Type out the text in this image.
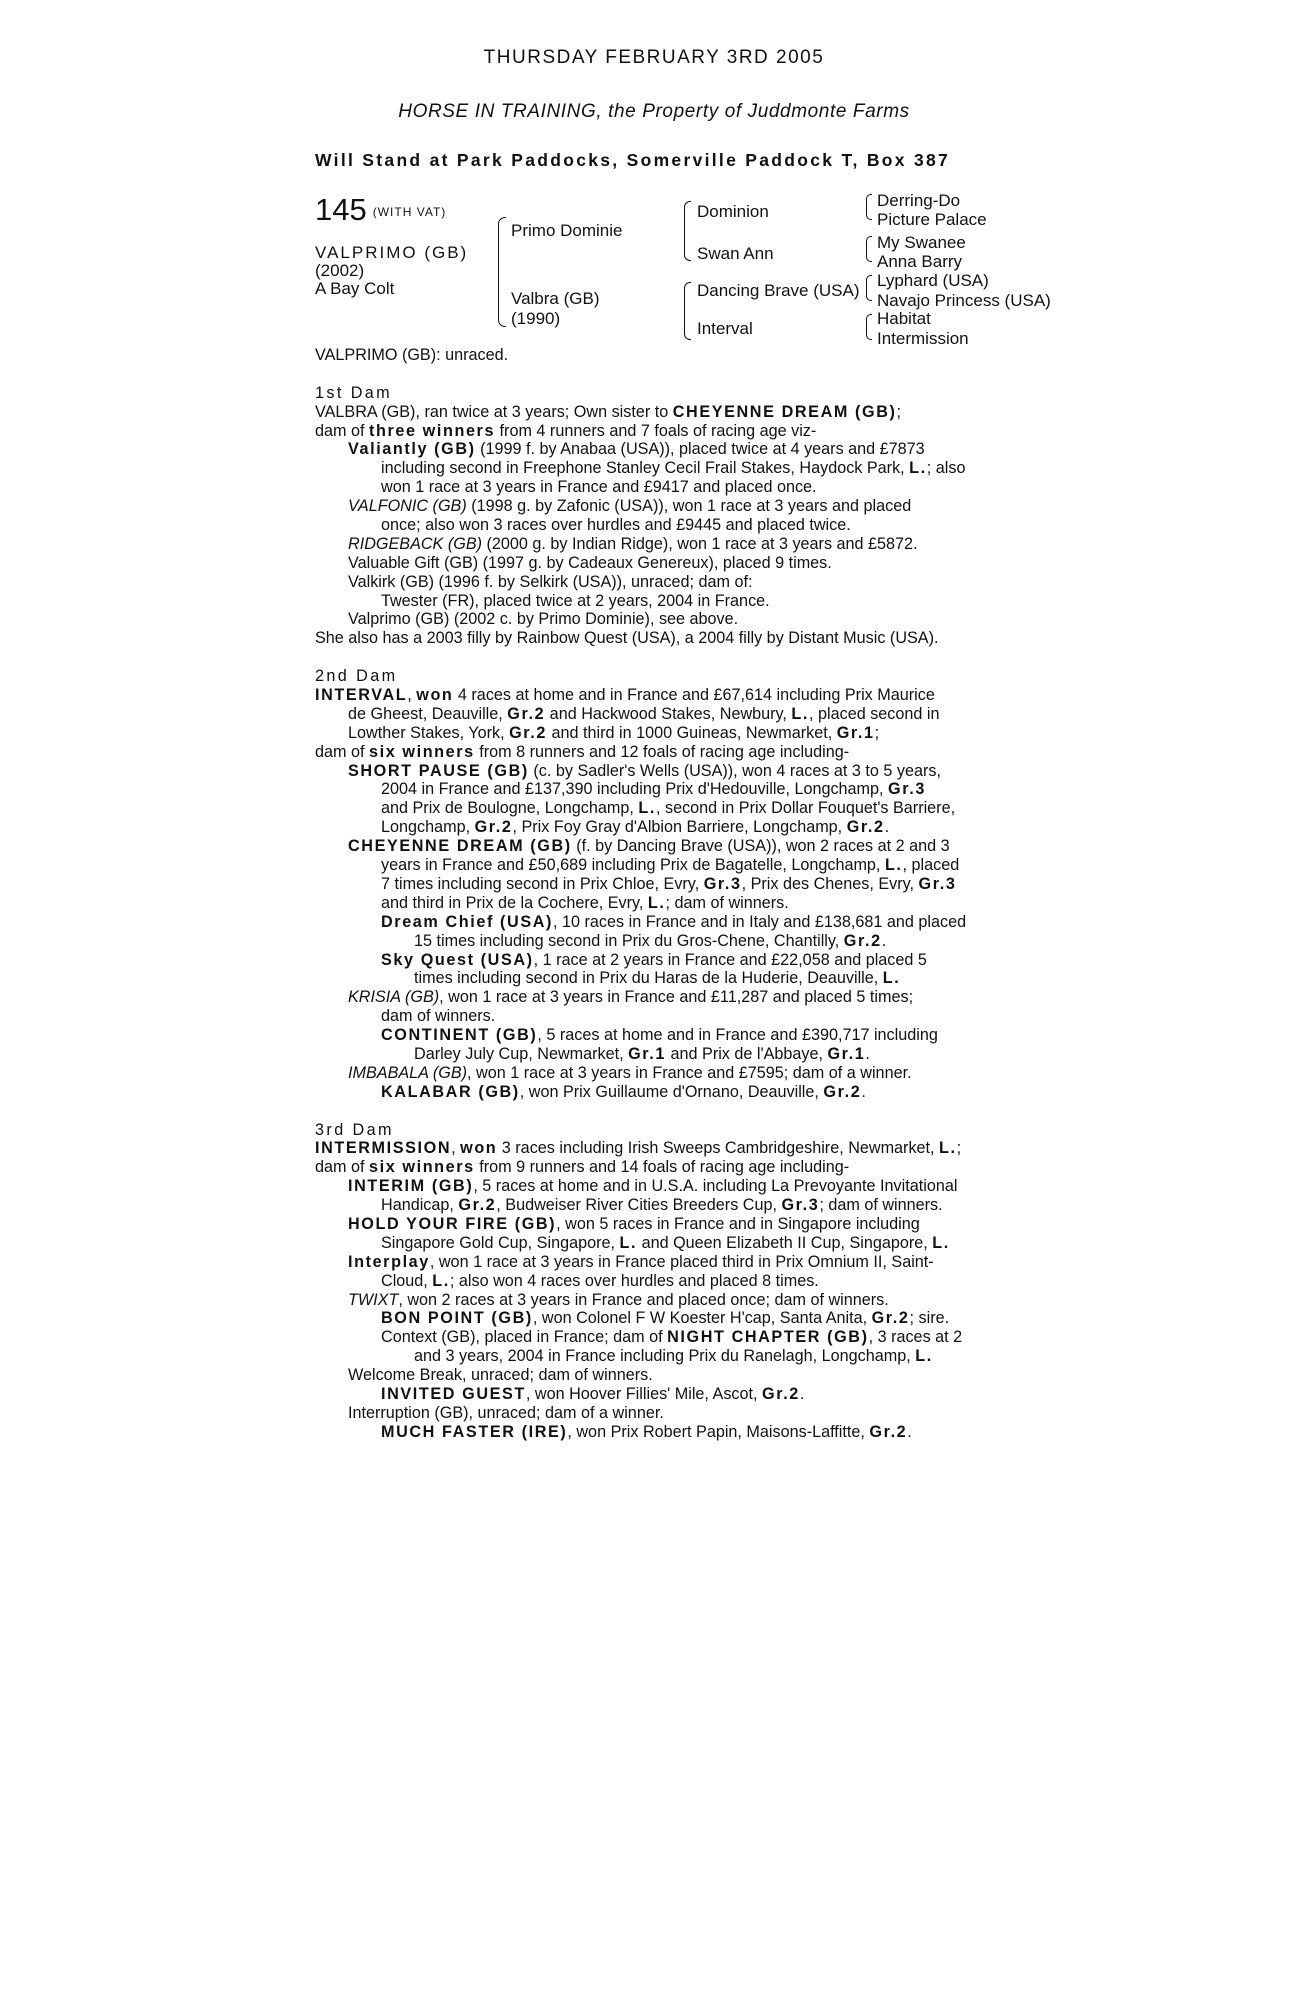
THURSDAY FEBRUARY 3RD 2005
HORSE IN TRAINING, the Property of Juddmonte Farms
Will Stand at Park Paddocks, Somerville Paddock T, Box 387
145 (WITH VAT)
VALPRIMO (GB)
(2002)
A Bay Colt
Primo Dominie
Valbra (GB)
(1990)
Dominion
Swan Ann
Dancing Brave (USA)
Interval
Derring-Do
Picture Palace
My Swanee
Anna Barry
Lyphard (USA)
Navajo Princess (USA)
Habitat
Intermission
VALPRIMO (GB): unraced.
1st Dam
VALBRA (GB), ran twice at 3 years; Own sister to CHEYENNE DREAM (GB);
dam of three winners from 4 runners and 7 foals of racing age viz-
Valiantly (GB) (1999 f. by Anabaa (USA)), placed twice at 4 years and £7873
including second in Freephone Stanley Cecil Frail Stakes, Haydock Park, L.; also
won 1 race at 3 years in France and £9417 and placed once.
VALFONIC (GB) (1998 g. by Zafonic (USA)), won 1 race at 3 years and placed
once; also won 3 races over hurdles and £9445 and placed twice.
RIDGEBACK (GB) (2000 g. by Indian Ridge), won 1 race at 3 years and £5872.
Valuable Gift (GB) (1997 g. by Cadeaux Genereux), placed 9 times.
Valkirk (GB) (1996 f. by Selkirk (USA)), unraced; dam of:
Twester (FR), placed twice at 2 years, 2004 in France.
Valprimo (GB) (2002 c. by Primo Dominie), see above.
She also has a 2003 filly by Rainbow Quest (USA), a 2004 filly by Distant Music (USA).
2nd Dam
INTERVAL, won 4 races at home and in France and £67,614 including Prix Maurice
de Gheest, Deauville, Gr.2 and Hackwood Stakes, Newbury, L., placed second in
Lowther Stakes, York, Gr.2 and third in 1000 Guineas, Newmarket, Gr.1;
dam of six winners from 8 runners and 12 foals of racing age including-
SHORT PAUSE (GB) (c. by Sadler's Wells (USA)), won 4 races at 3 to 5 years,
2004 in France and £137,390 including Prix d'Hedouville, Longchamp, Gr.3
and Prix de Boulogne, Longchamp, L., second in Prix Dollar Fouquet's Barriere,
Longchamp, Gr.2, Prix Foy Gray d'Albion Barriere, Longchamp, Gr.2.
CHEYENNE DREAM (GB) (f. by Dancing Brave (USA)), won 2 races at 2 and 3
years in France and £50,689 including Prix de Bagatelle, Longchamp, L., placed
7 times including second in Prix Chloe, Evry, Gr.3, Prix des Chenes, Evry, Gr.3
and third in Prix de la Cochere, Evry, L.; dam of winners.
Dream Chief (USA), 10 races in France and in Italy and £138,681 and placed
15 times including second in Prix du Gros-Chene, Chantilly, Gr.2.
Sky Quest (USA), 1 race at 2 years in France and £22,058 and placed 5
times including second in Prix du Haras de la Huderie, Deauville, L.
KRISIA (GB), won 1 race at 3 years in France and £11,287 and placed 5 times;
dam of winners.
CONTINENT (GB), 5 races at home and in France and £390,717 including
Darley July Cup, Newmarket, Gr.1 and Prix de l'Abbaye, Gr.1.
IMBABALA (GB), won 1 race at 3 years in France and £7595; dam of a winner.
KALABAR (GB), won Prix Guillaume d'Ornano, Deauville, Gr.2.
3rd Dam
INTERMISSION, won 3 races including Irish Sweeps Cambridgeshire, Newmarket, L.;
dam of six winners from 9 runners and 14 foals of racing age including-
INTERIM (GB), 5 races at home and in U.S.A. including La Prevoyante Invitational
Handicap, Gr.2, Budweiser River Cities Breeders Cup, Gr.3; dam of winners.
HOLD YOUR FIRE (GB), won 5 races in France and in Singapore including
Singapore Gold Cup, Singapore, L. and Queen Elizabeth II Cup, Singapore, L.
Interplay, won 1 race at 3 years in France placed third in Prix Omnium II, Saint-
Cloud, L.; also won 4 races over hurdles and placed 8 times.
TWIXT, won 2 races at 3 years in France and placed once; dam of winners.
BON POINT (GB), won Colonel F W Koester H'cap, Santa Anita, Gr.2; sire.
Context (GB), placed in France; dam of NIGHT CHAPTER (GB), 3 races at 2
and 3 years, 2004 in France including Prix du Ranelagh, Longchamp, L.
Welcome Break, unraced; dam of winners.
INVITED GUEST, won Hoover Fillies' Mile, Ascot, Gr.2.
Interruption (GB), unraced; dam of a winner.
MUCH FASTER (IRE), won Prix Robert Papin, Maisons-Laffitte, Gr.2.
